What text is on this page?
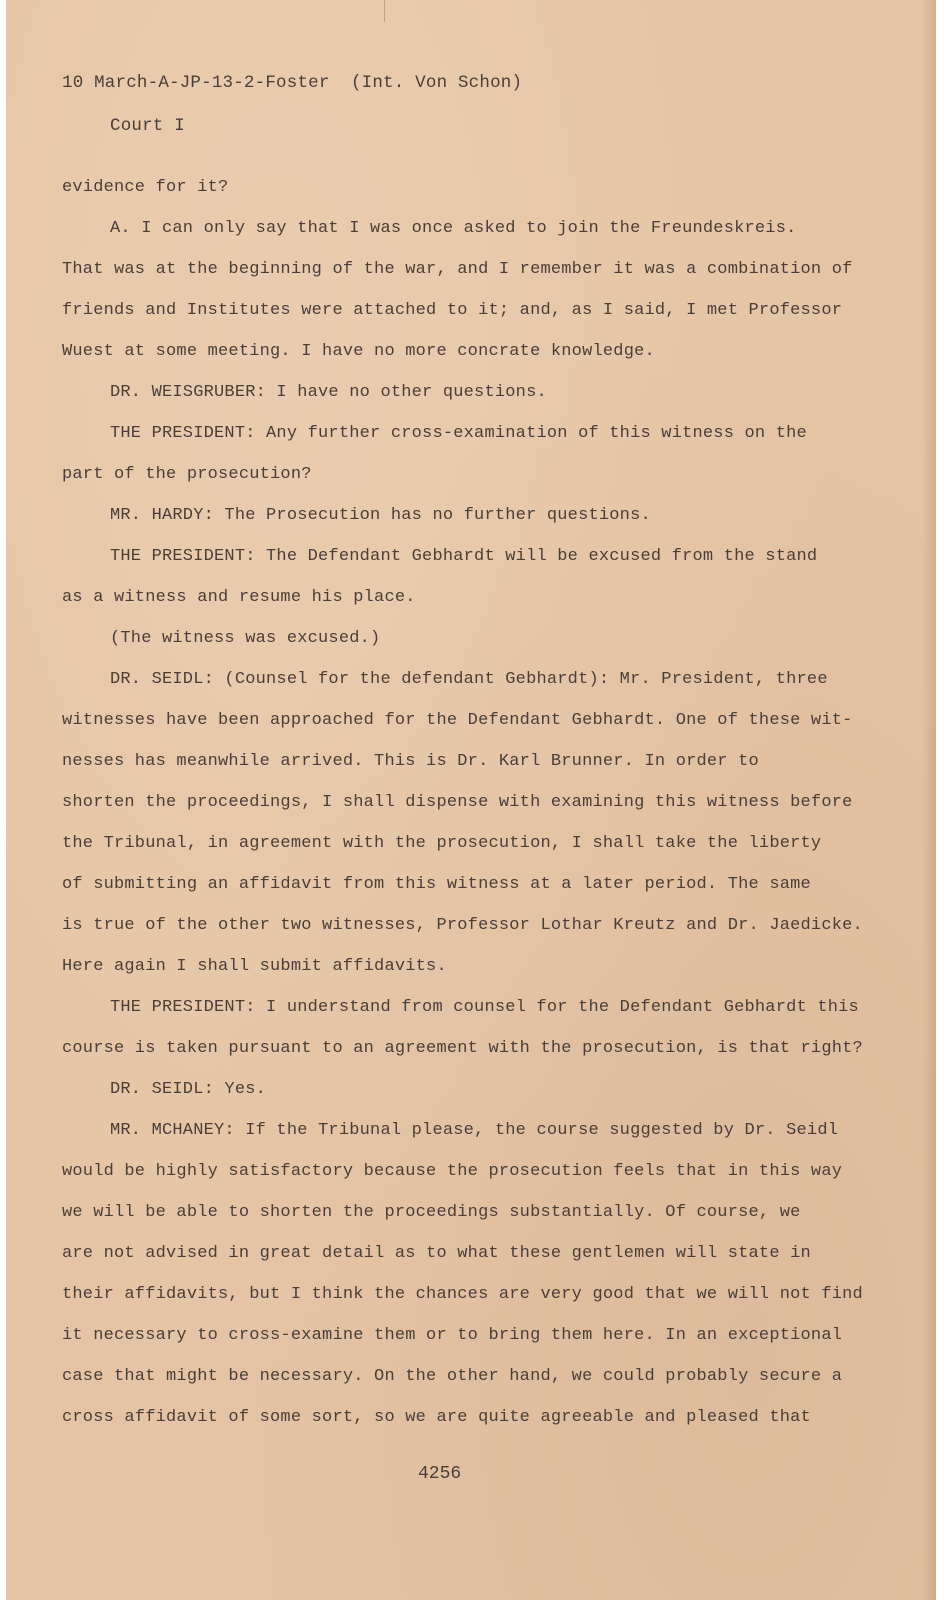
10 March-A-JP-13-2-Foster (Int. Von Schon)
Court I
evidence for it?
A. I can only say that I was once asked to join the Freundeskreis.
That was at the beginning of the war, and I remember it was a combination of
friends and Institutes were attached to it; and, as I said, I met Professor
Wuest at some meeting. I have no more concrate knowledge.
DR. WEISGRUBER: I have no other questions.
THE PRESIDENT: Any further cross-examination of this witness on the
part of the prosecution?
MR. HARDY: The Prosecution has no further questions.
THE PRESIDENT: The Defendant Gebhardt will be excused from the stand
as a witness and resume his place.
(The witness was excused.)
DR. SEIDL: (Counsel for the defendant Gebhardt): Mr. President, three
witnesses have been approached for the Defendant Gebhardt. One of these wit-
nesses has meanwhile arrived. This is Dr. Karl Brunner. In order to
shorten the proceedings, I shall dispense with examining this witness before
the Tribunal, in agreement with the prosecution, I shall take the liberty
of submitting an affidavit from this witness at a later period. The same
is true of the other two witnesses, Professor Lothar Kreutz and Dr. Jaedicke.
Here again I shall submit affidavits.
THE PRESIDENT: I understand from counsel for the Defendant Gebhardt this
course is taken pursuant to an agreement with the prosecution, is that right?
DR. SEIDL: Yes.
MR. MCHANEY: If the Tribunal please, the course suggested by Dr. Seidl
would be highly satisfactory because the prosecution feels that in this way
we will be able to shorten the proceedings substantially. Of course, we
are not advised in great detail as to what these gentlemen will state in
their affidavits, but I think the chances are very good that we will not find
it necessary to cross-examine them or to bring them here. In an exceptional
case that might be necessary. On the other hand, we could probably secure a
cross affidavit of some sort, so we are quite agreeable and pleased that
4256
